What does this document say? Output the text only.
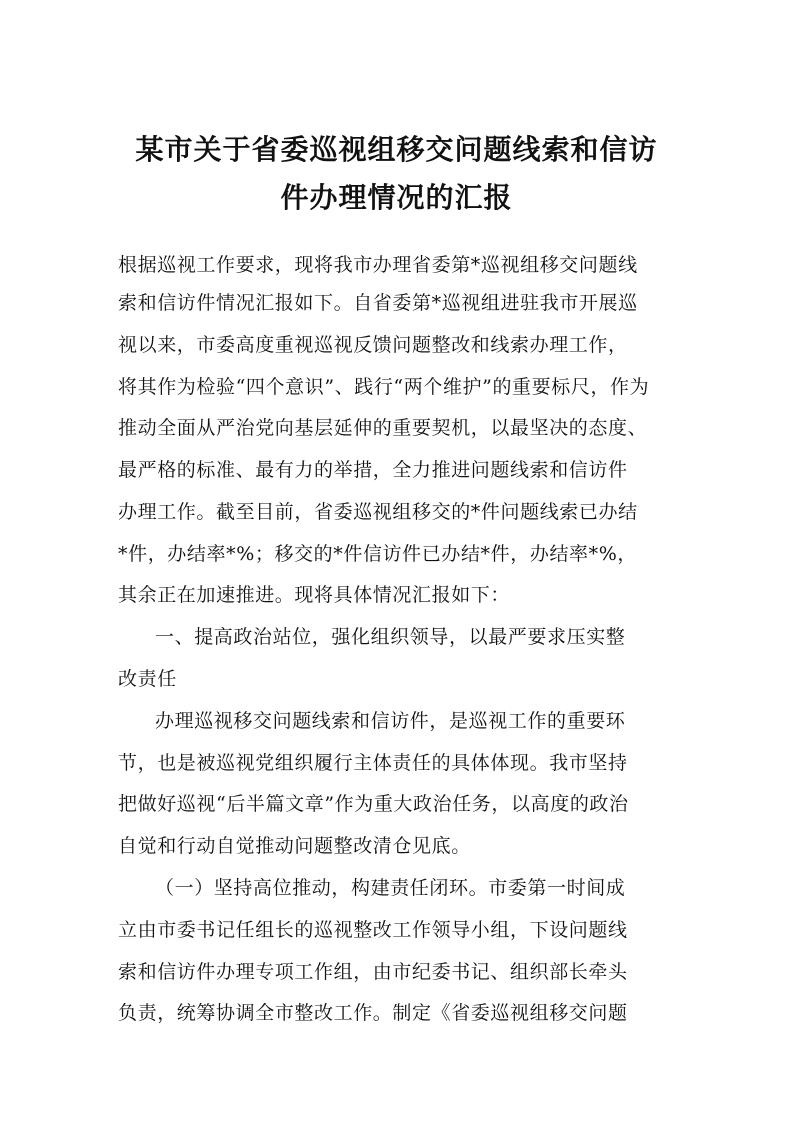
某市关于省委巡视组移交问题线索和信访
件办理情况的汇报
根据巡视工作要求，现将我市办理省委第*巡视组移交问题线
索和信访件情况汇报如下。自省委第*巡视组进驻我市开展巡
视以来，市委高度重视巡视反馈问题整改和线索办理工作，
将其作为检验“四个意识”、践行“两个维护”的重要标尺，作为
推动全面从严治党向基层延伸的重要契机，以最坚决的态度、
最严格的标准、最有力的举措，全力推进问题线索和信访件
办理工作。截至目前，省委巡视组移交的*件问题线索已办结
*件，办结率*%；移交的*件信访件已办结*件，办结率*%，
其余正在加速推进。现将具体情况汇报如下：
一、提高政治站位，强化组织领导，以最严要求压实整
改责任
办理巡视移交问题线索和信访件，是巡视工作的重要环
节，也是被巡视党组织履行主体责任的具体体现。我市坚持
把做好巡视“后半篇文章”作为重大政治任务，以高度的政治
自觉和行动自觉推动问题整改清仓见底。
（一）坚持高位推动，构建责任闭环。市委第一时间成
立由市委书记任组长的巡视整改工作领导小组，下设问题线
索和信访件办理专项工作组，由市纪委书记、组织部长牵头
负责，统筹协调全市整改工作。制定《省委巡视组移交问题
